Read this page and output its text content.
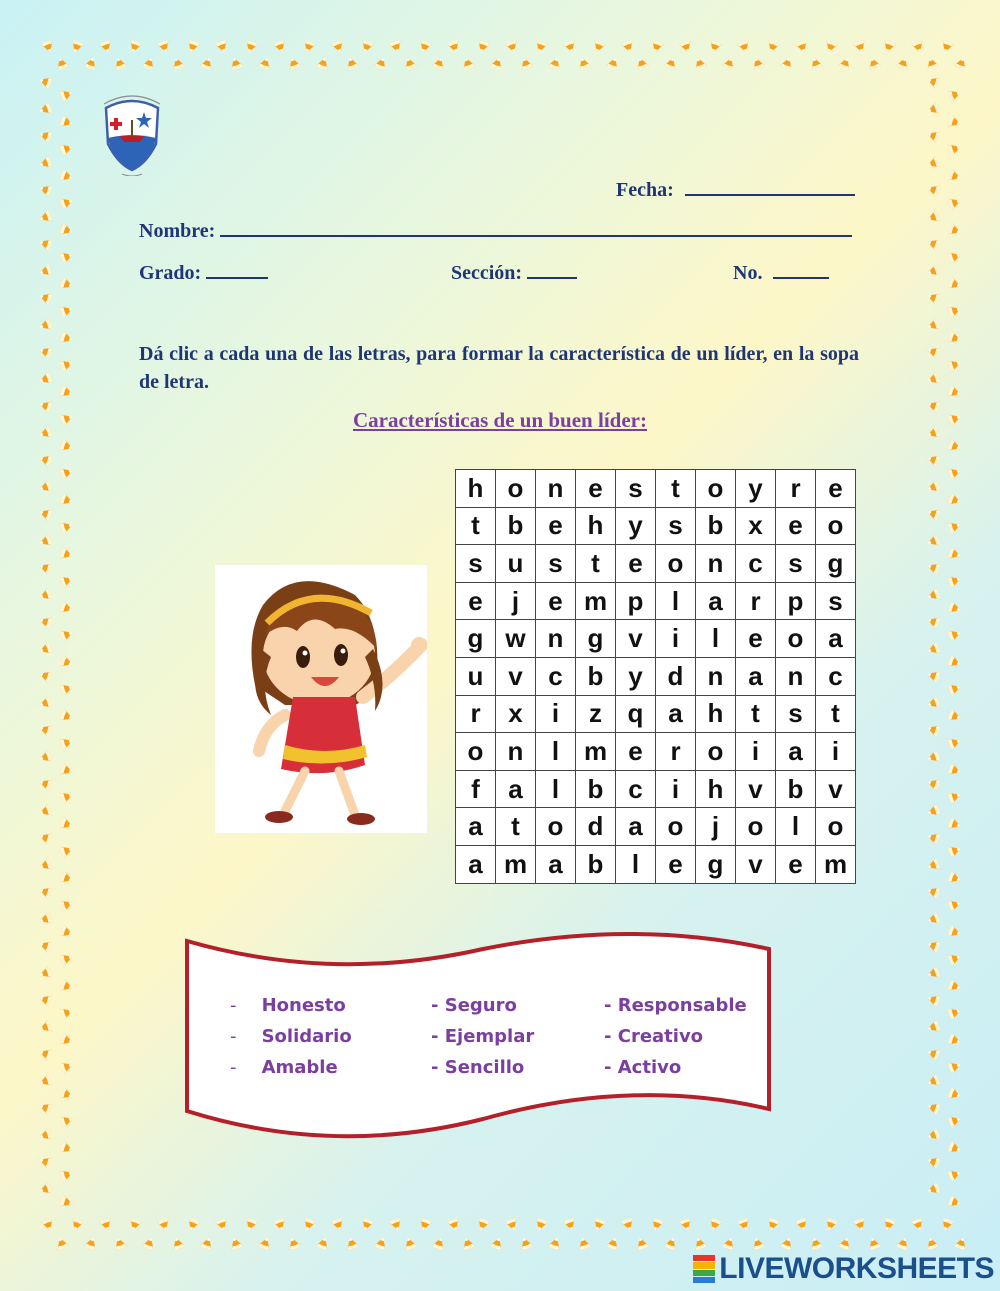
Fecha:
Nombre:
Grado:	Sección:	No.
Dá clic a cada una de las letras, para formar la característica de un líder, en la sopa de letra.
Características de un buen líder:
h o n e s	t	o y	r	e
t	b e h y s b x e o
s u s	t	e o n c s g
e	j	e m p	l	a	r	p s
g w n g v	i	l	e o a
u v c b y d n a n c
r	x	i	z q a h	t	s	t
o n	l m e	r	o	i	a	i
f	a	l	b c	i	h v b v
a	t	o d a o	j	o	l	o
a m a b	l	e g v e m
- Honesto
- Solidario
- Amable
- Seguro
- Ejemplar
- Sencillo
- Responsable
- Creativo
- Activo
LIVEWORKSHEETS
